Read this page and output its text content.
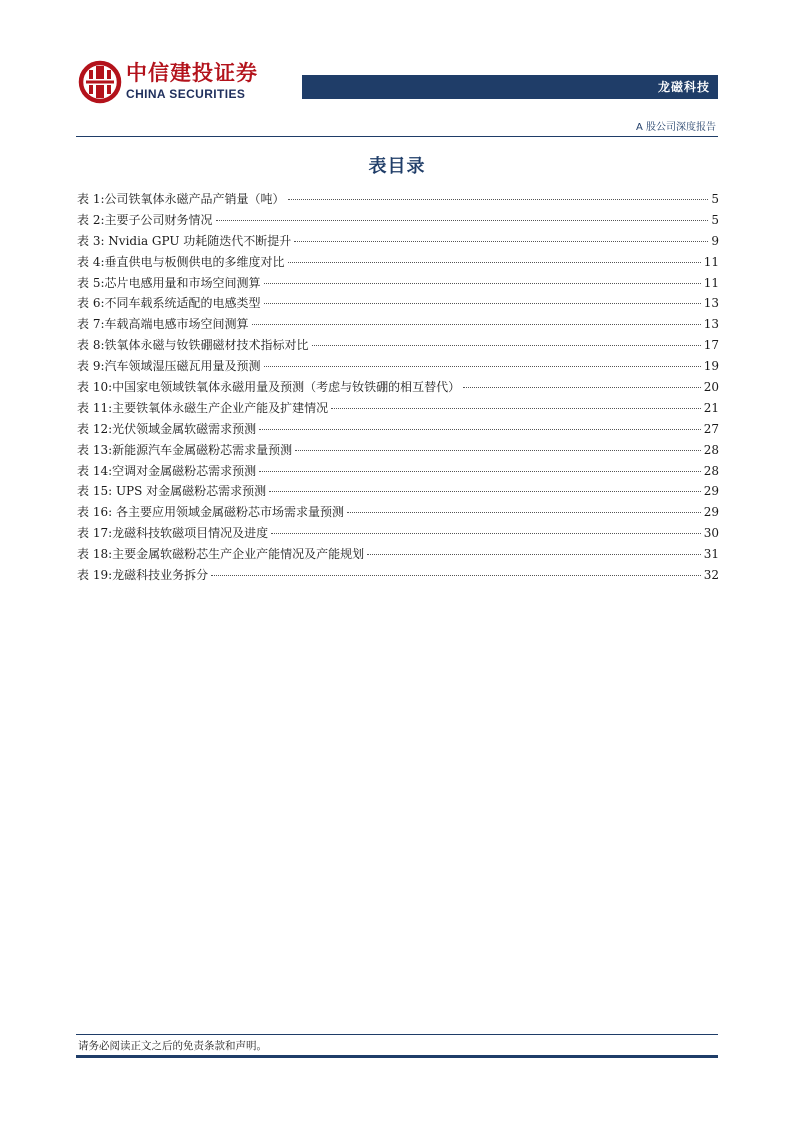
中信建投证券
CHINA SECURITIES	龙磁科技
A 股公司深度报告
表目录
表 1:公司铁氧体永磁产品产销量（吨）	5
表 2:主要子公司财务情况	5
表 3: Nvidia GPU 功耗随迭代不断提升	9
表 4:垂直供电与板侧供电的多维度对比	11
表 5:芯片电感用量和市场空间测算	11
表 6:不同车载系统适配的电感类型	13
表 7:车载高端电感市场空间测算	13
表 8:铁氧体永磁与钕铁硼磁材技术指标对比	17
表 9:汽车领域湿压磁瓦用量及预测	19
表 10:中国家电领域铁氧体永磁用量及预测（考虑与钕铁硼的相互替代）	20
表 11:主要铁氧体永磁生产企业产能及扩建情况	21
表 12:光伏领域金属软磁需求预测	27
表 13:新能源汽车金属磁粉芯需求量预测	28
表 14:空调对金属磁粉芯需求预测	28
表 15: UPS 对金属磁粉芯需求预测	29
表 16: 各主要应用领域金属磁粉芯市场需求量预测	29
表 17:龙磁科技软磁项目情况及进度	30
表 18:主要金属软磁粉芯生产企业产能情况及产能规划	31
表 19:龙磁科技业务拆分	32
请务必阅读正文之后的免责条款和声明。
